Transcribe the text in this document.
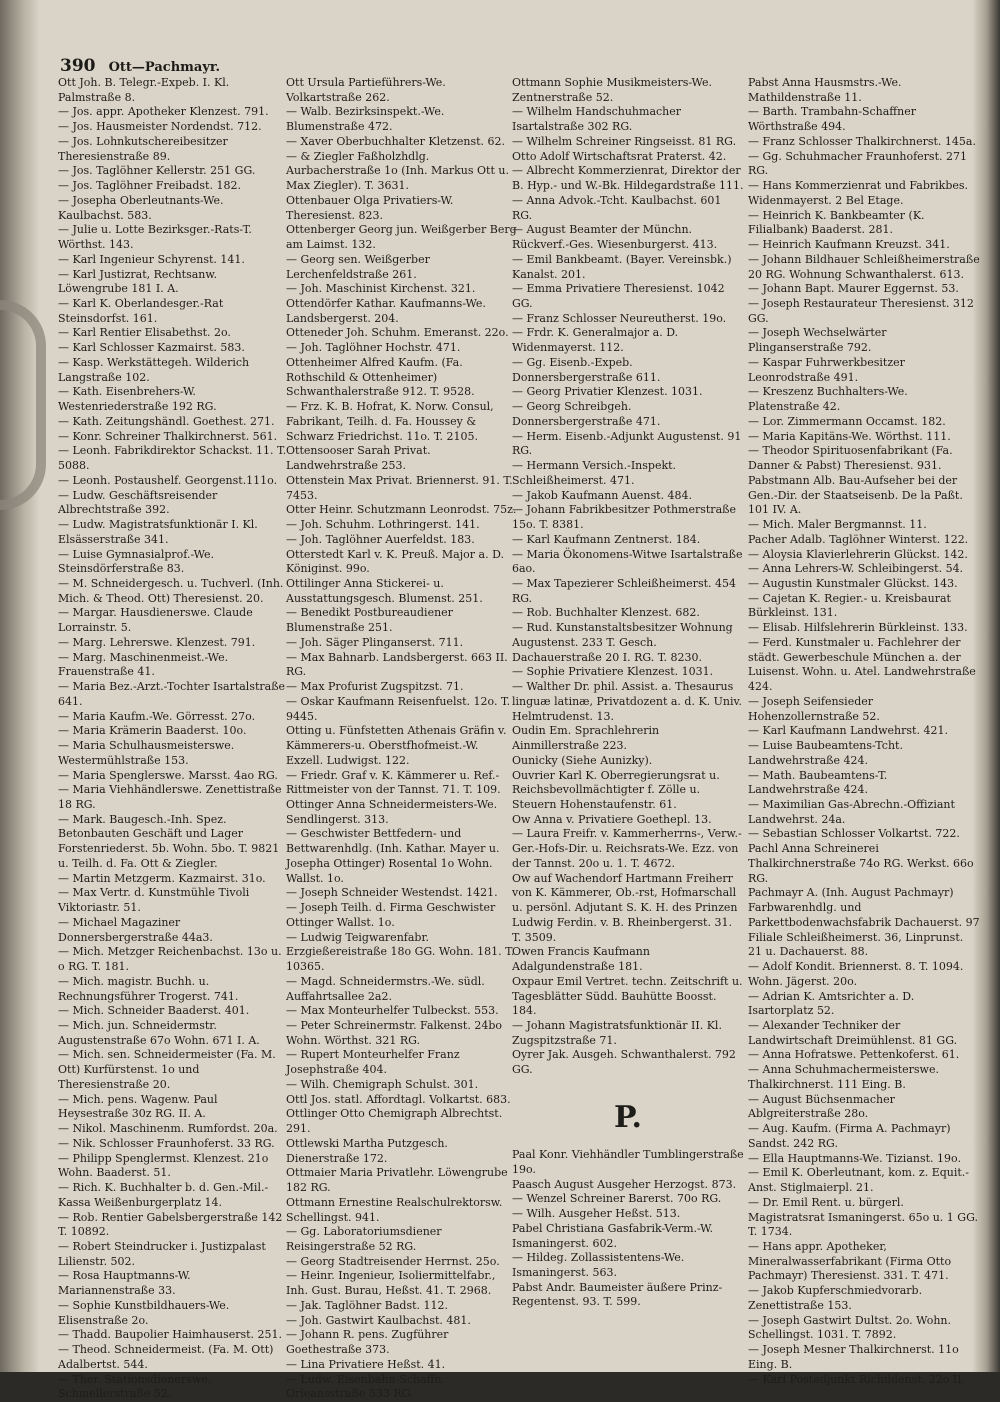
390 Ott—Pachmayr.

Ott Joh. B. Telegr.-Expeb. I. Kl. Palmstraße 8.

— Jos. appr. Apotheker Klenzest. 791.

— Jos. Hausmeister Nordendst. 712.

— Jos. Lohnkutschereibesitzer Theresienstraße 89.

— Jos. Taglöhner Kellerstr. 251 GG.

— Jos. Taglöhner Freibadst. 182.

— Josepha Oberleutnants-We. Kaulbachst. 583.

— Julie u. Lotte Bezirksger.-Rats-T. Wörthst. 143.

— Karl Ingenieur Schyrenst. 141.

— Karl Justizrat, Rechtsanw. Löwengrube 181 I. A.

— Karl K. Oberlandesger.-Rat Steinsdorfst. 161.

— Karl Rentier Elisabethst. 2o.

— Karl Schlosser Kazmairst. 583.

— Kasp. Werkstättegeh. Wilderich Langstraße 102.

— Kath. Eisenbrehers-W. Westenriederstraße 192 RG.

— Kath. Zeitungshändl. Goethest. 271.

— Konr. Schreiner Thalkirchnerst. 561.

— Leonh. Fabrikdirektor Schackst. 11. T. 5088.

— Leonh. Postaushelf. Georgenst.111o.

— Ludw. Geschäftsreisender Albrechtstraße 392.

— Ludw. Magistratsfunktionär I. Kl. Elsässerstraße 341.

— Luise Gymnasialprof.-We. Steinsdörferstraße 83.

— M. Schneidergesch. u. Tuchverl. (Inh. Mich. & Theod. Ott) Theresienst. 20.

— Margar. Hausdienerswe. Claude Lorrainstr. 5.

— Marg. Lehrerswe. Klenzest. 791.

— Marg. Maschinenmeist.-We. Frauenstraße 41.

— Maria Bez.-Arzt.-Tochter Isartalstraße 641.

— Maria Kaufm.-We. Görresst. 27o.

— Maria Krämerin Baaderst. 10o.

— Maria Schulhausmeisterswe. Westermühlstraße 153.

— Maria Spenglerswe. Marsst. 4ao RG.

— Maria Viehhändlerswe. Zenettistraße 18 RG.

— Mark. Baugesch.-Inh. Spez. Betonbauten Geschäft und Lager Forstenriederst. 5b. Wohn. 5bo. T. 9821 u. Teilh. d. Fa. Ott & Ziegler.

— Martin Metzgerm. Kazmairst. 31o.

— Max Vertr. d. Kunstmühle Tivoli Viktoriastr. 51.

— Michael Magaziner Donnersbergerstraße 44a3.

— Mich. Metzger Reichenbachst. 13o u. o RG. T. 181.

— Mich. magistr. Buchh. u. Rechnungsführer Trogerst. 741.

— Mich. Schneider Baaderst. 401.

— Mich. jun. Schneidermstr. Augustenstraße 67o Wohn. 671 I. A.

— Mich. sen. Schneidermeister (Fa. M. Ott) Kurfürstenst. 1o und Theresienstraße 20.

— Mich. pens. Wagenw. Paul Heysestraße 30z RG. II. A.

— Nikol. Maschinenm. Rumfordst. 20a.

— Nik. Schlosser Fraunhoferst. 33 RG.

— Philipp Spenglermst. Klenzest. 21o Wohn. Baaderst. 51.

— Rich. K. Buchhalter b. d. Gen.-Mil.-Kassa Weißenburgerplatz 14.

— Rob. Rentier Gabelsbergerstraße 142 T. 10892.

— Robert Steindrucker i. Justizpalast Lilienstr. 502.

— Rosa Hauptmanns-W. Mariannenstraße 33.

— Sophie Kunstbildhauers-We. Elisenstraße 2o.

— Thadd. Baupolier Haimhauserst. 251.

— Theod. Schneidermeist. (Fa. M. Ott) Adalbertst. 544.

— Ther. Stationsdienerswe. Schmellerstraße 52.

Ott Ursula Partieführers-We. Volkartstraße 262.

— Walb. Bezirksinspekt.-We. Blumenstraße 472.

— Xaver Oberbuchhalter Kletzenst. 62.

— & Ziegler Faßholzhdlg. Aurbacherstraße 1o (Inh. Markus Ott u. Max Ziegler). T. 3631.

Ottenbauer Olga Privatiers-W. Theresienst. 823.

Ottenberger Georg jun. Weißgerber Berg am Laimst. 132.

— Georg sen. Weißgerber Lerchenfeldstraße 261.

— Joh. Maschinist Kirchenst. 321.

Ottendörfer Kathar. Kaufmanns-We. Landsbergerst. 204.

Otteneder Joh. Schuhm. Emeranst. 22o.

— Joh. Taglöhner Hochstr. 471.

Ottenheimer Alfred Kaufm. (Fa. Rothschild & Ottenheimer) Schwanthalerstraße 912. T. 9528.

— Frz. K. B. Hofrat, K. Norw. Consul, Fabrikant, Teilh. d. Fa. Houssey & Schwarz Friedrichst. 11o. T. 2105.

Ottensooser Sarah Privat. Landwehrstraße 253.

Ottenstein Max Privat. Briennerst. 91. T. 7453.

Otter Heinr. Schutzmann Leonrodst. 75z.

— Joh. Schuhm. Lothringerst. 141.

— Joh. Taglöhner Auerfeldst. 183.

Otterstedt Karl v. K. Preuß. Major a. D. Königinst. 99o.

Ottilinger Anna Stickerei- u. Ausstattungsgesch. Blumenst. 251.

— Benedikt Postbureaudiener Blumenstraße 251.

— Joh. Säger Plinganserst. 711.

— Max Bahnarb. Landsbergerst. 663 II. RG.

— Max Profurist Zugspitzst. 71.

— Oskar Kaufmann Reisenfuelst. 12o. T. 9445.

Otting u. Fünfstetten Athenais Gräfin v. Kämmerers-u. Oberstfhofmeist.-W. Exzell. Ludwigst. 122.

— Friedr. Graf v. K. Kämmerer u. Ref.-Rittmeister von der Tannst. 71. T. 109.

Ottinger Anna Schneidermeisters-We. Sendlingerst. 313.

— Geschwister Bettfedern- und Bettwarenhdlg. (Inh. Kathar. Mayer u. Josepha Ottinger) Rosental 1o Wohn. Wallst. 1o.

— Joseph Schneider Westendst. 1421.

— Joseph Teilh. d. Firma Geschwister Ottinger Wallst. 1o.

— Ludwig Teigwarenfabr. Erzgießereistraße 18o GG. Wohn. 181. T. 10365.

— Magd. Schneidermstrs.-We. südl. Auffahrtsallee 2a2.

— Max Monteurhelfer Tulbeckst. 553.

— Peter Schreinermstr. Falkenst. 24bo Wohn. Wörthst. 321 RG.

— Rupert Monteurhelfer Franz Josephstraße 404.

— Wilh. Chemigraph Schulst. 301.

Ottl Jos. statl. Affordtagl. Volkartst. 683.

Ottlinger Otto Chemigraph Albrechtst. 291.

Ottlewski Martha Putzgesch. Dienerstraße 172.

Ottmaier Maria Privatlehr. Löwengrube 182 RG.

Ottmann Ernestine Realschulrektorsw. Schellingst. 941.

— Gg. Laboratoriumsdiener Reisingerstraße 52 RG.

— Georg Stadtreisender Herrnst. 25o.

— Heinr. Ingenieur, Isoliermittelfabr., Inh. Gust. Burau, Heßst. 41. T. 2968.

— Jak. Taglöhner Badst. 112.

— Joh. Gastwirt Kaulbachst. 481.

— Johann R. pens. Zugführer Goethestraße 373.

— Lina Privatiere Heßst. 41.

— Ludw. Eisenbahn-Schaffn. Orleansstraße 533 RG.

Ottmann Sophie Musikmeisters-We. Zentnerstraße 52.

— Wilhelm Handschuhmacher Isartalstraße 302 RG.

— Wilhelm Schreiner Ringseisst. 81 RG.

Otto Adolf Wirtschaftsrat Praterst. 42.

— Albrecht Kommerzienrat, Direktor der B. Hyp.- und W.-Bk. Hildegardstraße 111.

— Anna Advok.-Tcht. Kaulbachst. 601 RG.

— August Beamter der Münchn. Rückverf.-Ges. Wiesenburgerst. 413.

— Emil Bankbeamt. (Bayer. Vereinsbk.) Kanalst. 201.

— Emma Privatiere Theresienst. 1042 GG.

— Franz Schlosser Neureutherst. 19o.

— Frdr. K. Generalmajor a. D. Widenmayerst. 112.

— Gg. Eisenb.-Expeb. Donnersbergerstraße 611.

— Georg Privatier Klenzest. 1031.

— Georg Schreibgeh. Donnersbergerstraße 471.

— Herm. Eisenb.-Adjunkt Augustenst. 91 RG.

— Hermann Versich.-Inspekt. Schleißheimerst. 471.

— Jakob Kaufmann Auenst. 484.

— Johann Fabrikbesitzer Pothmerstraße 15o. T. 8381.

— Karl Kaufmann Zentnerst. 184.

— Maria Ökonomens-Witwe Isartalstraße 6ao.

— Max Tapezierer Schleißheimerst. 454 RG.

— Rob. Buchhalter Klenzest. 682.

— Rud. Kunstanstaltsbesitzer Wohnung Augustenst. 233 T. Gesch. Dachauerstraße 20 I. RG. T. 8230.

— Sophie Privatiere Klenzest. 1031.

— Walther Dr. phil. Assist. a. Thesaurus linguæ latinæ, Privatdozent a. d. K. Univ. Helmtrudenst. 13.

Oudin Em. Sprachlehrerin Ainmillerstraße 223.

Ounicky (Siehe Aunizky).

Ouvrier Karl K. Oberregierungsrat u. Reichsbevollmächtigter f. Zölle u. Steuern Hohenstaufenstr. 61.

Ow Anna v. Privatiere Goethepl. 13.

— Laura Freifr. v. Kammerherrns-, Verw.-Ger.-Hofs-Dir. u. Reichsrats-We. Ezz. von der Tannst. 20o u. 1. T. 4672.

Ow auf Wachendorf Hartmann Freiherr von K. Kämmerer, Ob.-rst, Hofmarschall u. persönl. Adjutant S. K. H. des Prinzen Ludwig Ferdin. v. B. Rheinbergerst. 31. T. 3509.

Owen Francis Kaufmann Adalgundenstraße 181.

Oxpaur Emil Vertret. techn. Zeitschrift u. Tagesblätter Südd. Bauhütte Boosst. 184.

— Johann Magistratsfunktionär II. Kl. Zugspitzstraße 71.

Oyrer Jak. Ausgeh. Schwanthalerst. 792 GG.

P.

Paal Konr. Viehhändler Tumblingerstraße 19o.

Paasch August Ausgeher Herzogst. 873.

— Wenzel Schreiner Barerst. 70o RG.

— Wilh. Ausgeher Heßst. 513.

Pabel Christiana Gasfabrik-Verm.-W. Ismaningerst. 602.

— Hildeg. Zollassistentens-We. Ismaningerst. 563.

Pabst Andr. Baumeister äußere Prinz-Regentenst. 93. T. 599.

Pabst Anna Hausmstrs.-We. Mathildenstraße 11.

— Barth. Trambahn-Schaffner Wörthstraße 494.

— Franz Schlosser Thalkirchnerst. 145a.

— Gg. Schuhmacher Fraunhoferst. 271 RG.

— Hans Kommerzienrat und Fabrikbes. Widenmayerst. 2 Bel Etage.

— Heinrich K. Bankbeamter (K. Filialbank) Baaderst. 281.

— Heinrich Kaufmann Kreuzst. 341.

— Johann Bildhauer Schleißheimerstraße 20 RG. Wohnung Schwanthalerst. 613.

— Johann Bapt. Maurer Eggernst. 53.

— Joseph Restaurateur Theresienst. 312 GG.

— Joseph Wechselwärter Plinganserstraße 792.

— Kaspar Fuhrwerkbesitzer Leonrodstraße 491.

— Kreszenz Buchhalters-We. Platenstraße 42.

— Lor. Zimmermann Occamst. 182.

— Maria Kapitäns-We. Wörthst. 111.

— Theodor Spirituosenfabrikant (Fa. Danner & Pabst) Theresienst. 931.

Pabstmann Alb. Bau-Aufseher bei der Gen.-Dir. der Staatseisenb. De la Paßt. 101 IV. A.

— Mich. Maler Bergmannst. 11.

Pacher Adalb. Taglöhner Winterst. 122.

— Aloysia Klavierlehrerin Glückst. 142.

— Anna Lehrers-W. Schleibingerst. 54.

— Augustin Kunstmaler Glückst. 143.

— Cajetan K. Regier.- u. Kreisbaurat Bürkleinst. 131.

— Elisab. Hilfslehrerin Bürkleinst. 133.

— Ferd. Kunstmaler u. Fachlehrer der städt. Gewerbeschule München a. der Luisenst. Wohn. u. Atel. Landwehrstraße 424.

— Joseph Seifensieder Hohenzollernstraße 52.

— Karl Kaufmann Landwehrst. 421.

— Luise Baubeamtens-Tcht. Landwehrstraße 424.

— Math. Baubeamtens-T. Landwehrstraße 424.

— Maximilian Gas-Abrechn.-Offiziant Landwehrst. 24a.

— Sebastian Schlosser Volkartst. 722.

Pachl Anna Schreinerei Thalkirchnerstraße 74o RG. Werkst. 66o RG.

Pachmayr A. (Inh. August Pachmayr) Farbwarenhdlg. und Parkettbodenwachsfabrik Dachauerst. 97 Filiale Schleißheimerst. 36, Linprunst. 21 u. Dachauerst. 88.

— Adolf Kondit. Briennerst. 8. T. 1094. Wohn. Jägerst. 20o.

— Adrian K. Amtsrichter a. D. Isartorplatz 52.

— Alexander Techniker der Landwirtschaft Dreimühlenst. 81 GG.

— Anna Hofratswe. Pettenkoferst. 61.

— Anna Schuhmachermeisterswe. Thalkirchnerst. 111 Eing. B.

— August Büchsenmacher Ablgreiterstraße 28o.

— Aug. Kaufm. (Firma A. Pachmayr) Sandst. 242 RG.

— Ella Hauptmanns-We. Tizianst. 19o.

— Emil K. Oberleutnant, kom. z. Equit.-Anst. Stiglmaierpl. 21.

— Dr. Emil Rent. u. bürgerl. Magistratsrat Ismaningerst. 65o u. 1 GG. T. 1734.

— Hans appr. Apotheker, Mineralwasserfabrikant (Firma Otto Pachmayr) Theresienst. 331. T. 471.

— Jakob Kupferschmiedvorarb. Zenettistraße 153.

— Joseph Gastwirt Dultst. 2o. Wohn. Schellingst. 1031. T. 7892.

— Joseph Mesner Thalkirchnerst. 11o Eing. B.

— Karl Postadjunkt Richildenst. 22o II.
